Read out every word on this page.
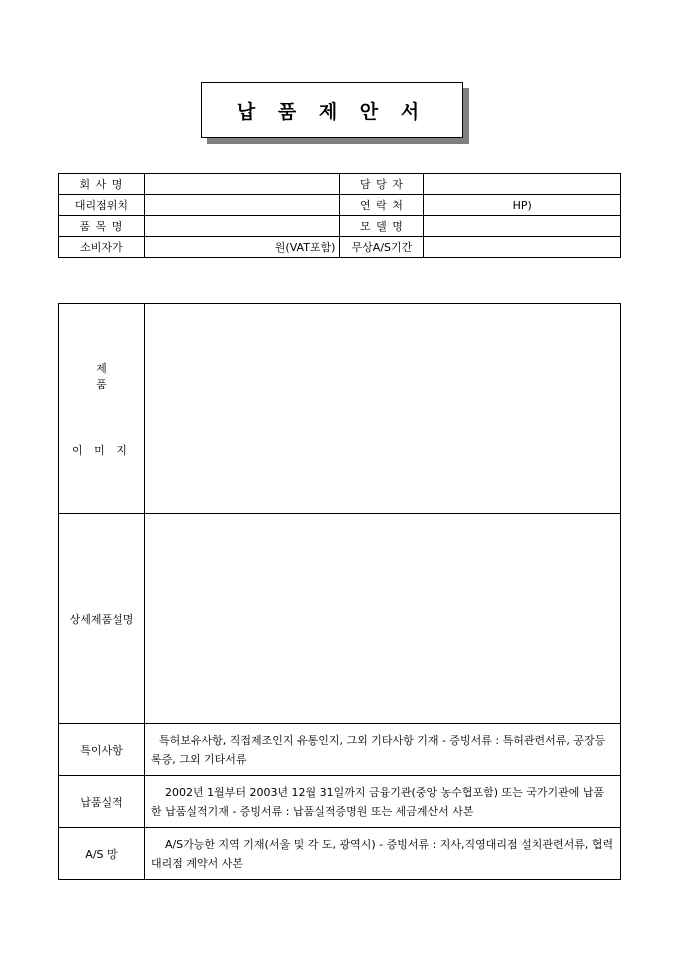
납 품 제 안 서
회 사 명		담 당 자	
대리점위치		연 락 처	HP)
품 목 명		모 델 명	
소비자가	원(VAT포함)	무상A/S기간	
제 품
이 미 지	

상세제품설명	
특이사항	특허보유사항, 직접제조인지 유통인지, 그외 기타사항 기재 - 증빙서류 : 특허관련서류, 공장등록증, 그외 기타서류
납품실적	2002년 1월부터 2003년 12월 31일까지 금융기관(중앙 농수협포함) 또는 국가기관에 납품한 납품실적기재 - 증빙서류 : 납품실적증명원 또는 세금계산서 사본
A/S 망	A/S가능한 지역 기재(서울 및 각 도, 광역시) - 증빙서류 : 지사,직영대리점 설치관련서류, 협력대리점 계약서 사본
